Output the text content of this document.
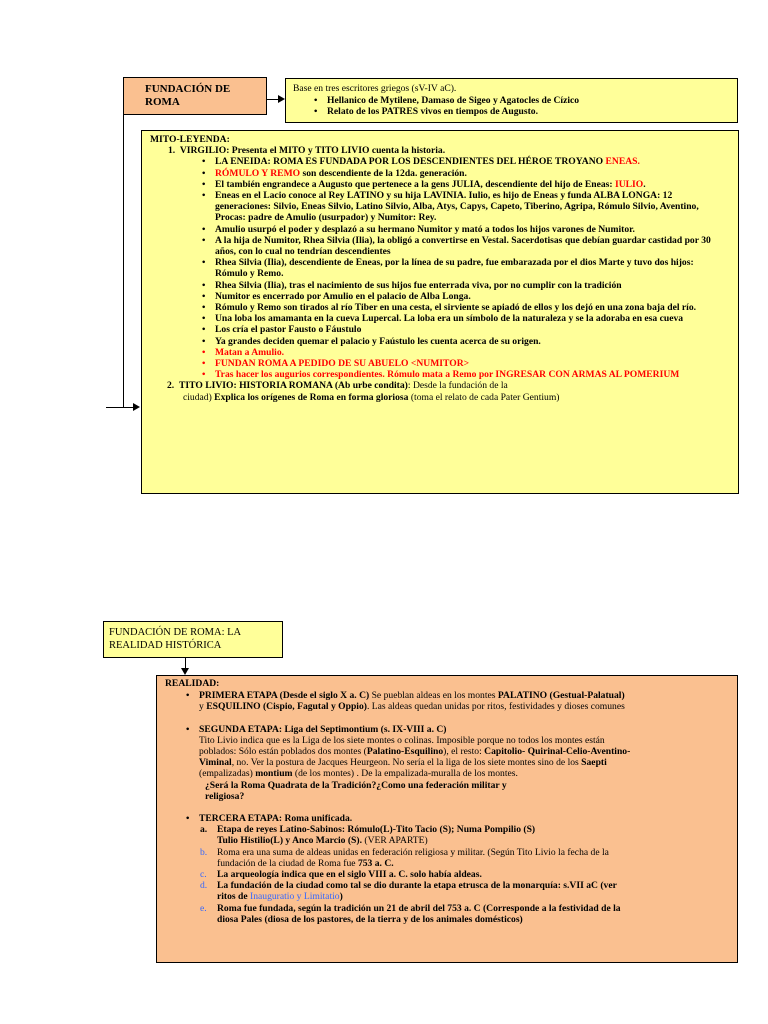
FUNDACIÓN DE
ROMA

Base en tres escritores griegos (sV-IV aC).

• Hellanico de Mytilene, Damaso de Sigeo y Agatocles de Cízico
• Relato de los PATRES vivos en tiempos de Augusto.

MITO-LEYENDA:

1. VIRGILIO: Presenta el MITO y TITO LIVIO cuenta la historia.

• LA ENEIDA: ROMA ES FUNDADA POR LOS DESCENDIENTES DEL HÉROE TROYANO ENEAS.
• RÓMULO Y REMO son descendiente de la 12da. generación.
• El también engrandece a Augusto que pertenece a la gens JULIA, descendiente del hijo de Eneas: IULIO.
• Eneas en el Lacio conoce al Rey LATINO y su hija LAVINIA. Iulio, es hijo de Eneas y funda ALBA LONGA: 12 generaciones: Silvio, Eneas Silvio, Latino Silvio, Alba, Atys, Capys, Capeto, Tiberino, Agripa, Rómulo Silvio, Aventino, Procas: padre de Amulio (usurpador) y Numitor: Rey.
• Amulio usurpó el poder y desplazó a su hermano Numitor y mató a todos los hijos varones de Numitor.
• A la hija de Numitor, Rhea Silvia (Ilia), la obligó a convertirse en Vestal. Sacerdotisas que debían guardar castidad por 30 años, con lo cual no tendrían descendientes
• Rhea Silvia (Ilia), descendiente de Eneas, por la línea de su padre, fue embarazada por el dios Marte y tuvo dos hijos: Rómulo y Remo.
• Rhea Silvia (Ilia), tras el nacimiento de sus hijos fue enterrada viva, por no cumplir con la tradición
• Numitor es encerrado por Amulio en el palacio de Alba Longa.
• Rómulo y Remo son tirados al río Tiber en una cesta, el sirviente se apiadó de ellos y los dejó en una zona baja del río.
• Una loba los amamanta en la cueva Lupercal. La loba era un símbolo de la naturaleza y se la adoraba en esa cueva
• Los cría el pastor Fausto o Fáustulo
• Ya grandes deciden quemar el palacio y Faústulo les cuenta acerca de su origen.
• Matan a Amulio.
• FUNDAN ROMA A PEDIDO DE SU ABUELO <NUMITOR>
• Tras hacer los augurios correspondientes. Rómulo mata a Remo por INGRESAR CON ARMAS AL POMERIUM

2. TITO LIVIO: HISTORIA ROMANA (Ab urbe condita): Desde la fundación de la

ciudad) Explica los orígenes de Roma en forma gloriosa (toma el relato de cada Pater Gentium)

FUNDACIÓN DE ROMA: LA
REALIDAD HISTÓRICA

REALIDAD:

• PRIMERA ETAPA (Desde el siglo X a. C) Se pueblan aldeas en los montes PALATINO (Gestual-Palatual)
y ESQUILINO (Cispio, Fagutal y Oppio). Las aldeas quedan unidas por ritos, festividades y dioses comunes
• SEGUNDA ETAPA: Liga del Septimontium (s. IX-VIII a. C)
Tito Livio indica que es la Liga de los siete montes o colinas. Imposible porque no todos los montes están
poblados: Sólo están poblados dos montes (Palatino-Esquilino), el resto: Capitolio- Quirinal-Celio-Aventino-
Viminal, no. Ver la postura de Jacques Heurgeon. No sería el la liga de los siete montes sino de los Saepti
(empalizadas) montium (de los montes) . De la empalizada-muralla de los montes.
¿Será la Roma Quadrata de la Tradición?¿Como una federación militar y
religiosa?
• TERCERA ETAPA: Roma unificada.
a. Etapa de reyes Latino-Sabinos: Rómulo(L)-Tito Tacio (S); Numa Pompilio (S)
Tulio Histilio(L) y Anco Marcio (S). (VER APARTE)
b. Roma era una suma de aldeas unidas en federación religiosa y militar. (Según Tito Livio la fecha de la
fundación de la ciudad de Roma fue 753 a. C.
c. La arqueología indica que en el siglo VIII a. C. solo había aldeas.
d. La fundación de la ciudad como tal se dio durante la etapa etrusca de la monarquía: s.VII aC (ver
ritos de Inauguratio y Limitatio)
e. Roma fue fundada, según la tradición un 21 de abril del 753 a. C (Corresponde a la festividad de la
diosa Pales (diosa de los pastores, de la tierra y de los animales domésticos)
